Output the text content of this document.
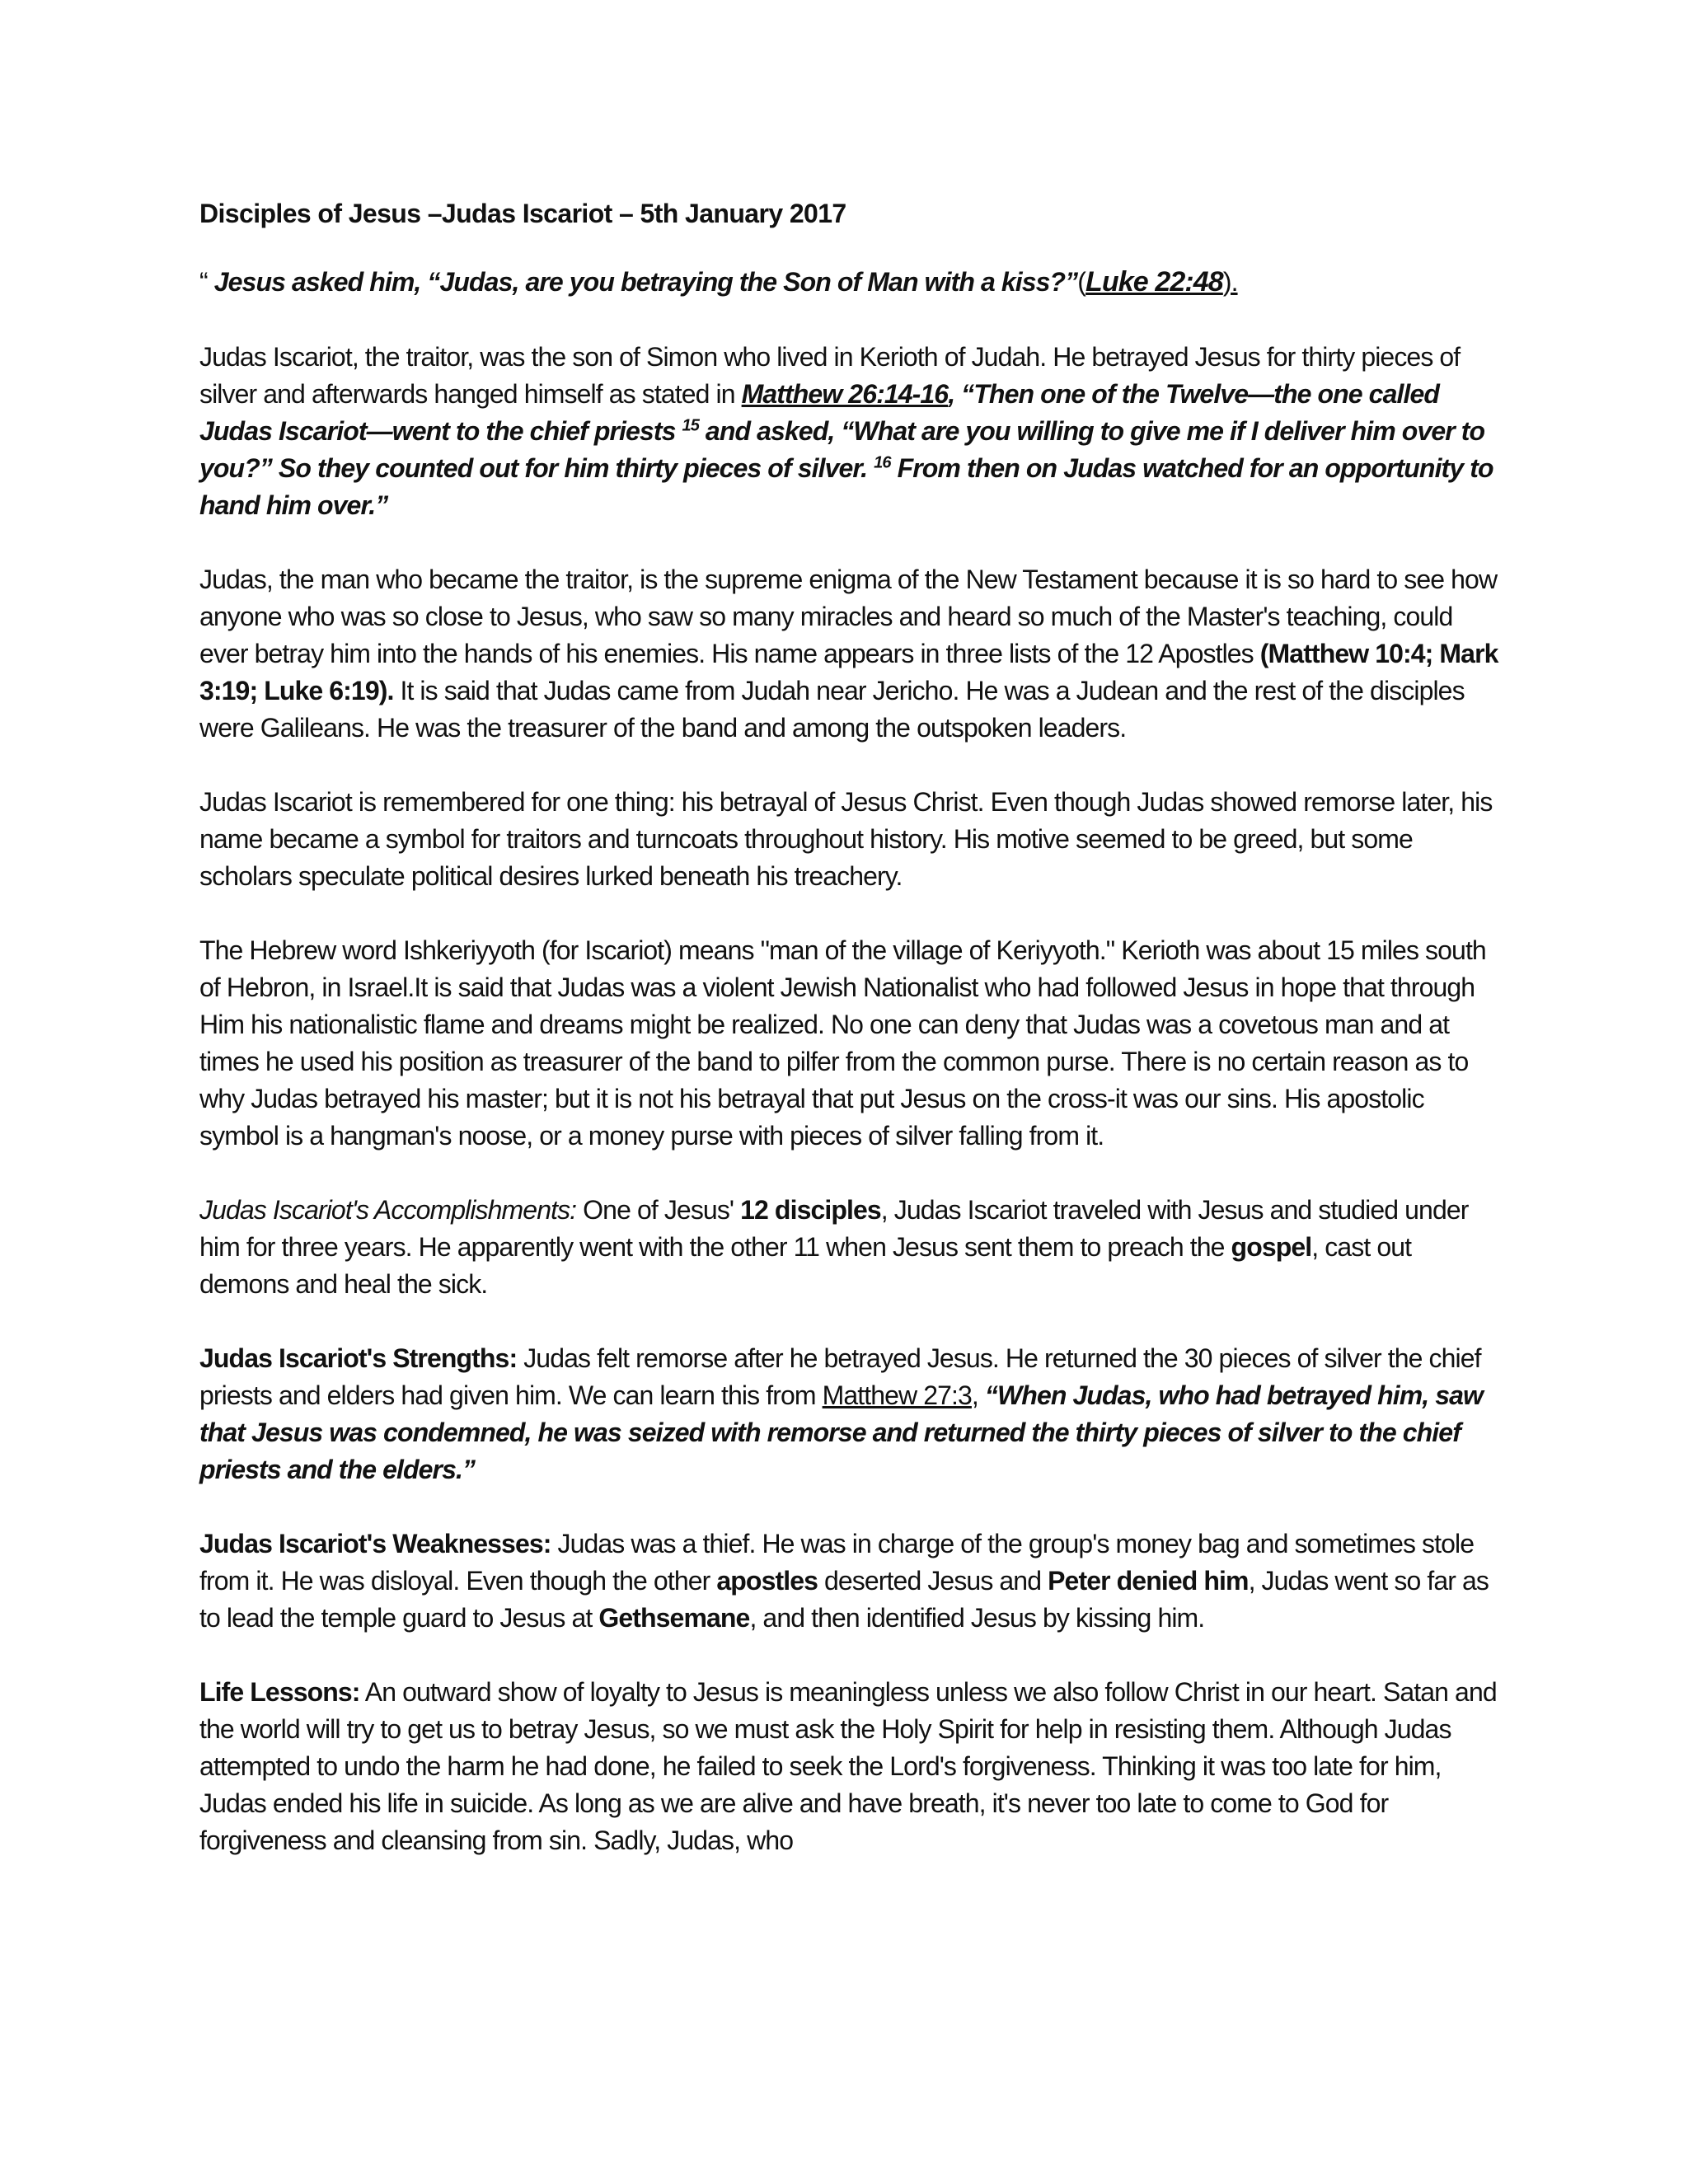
Disciples of Jesus –Judas Iscariot – 5th January 2017

“ Jesus asked him, “Judas, are you betraying the Son of Man with a kiss?”(Luke 22:48).

Judas Iscariot, the traitor, was the son of Simon who lived in Kerioth of Judah. He betrayed Jesus for thirty pieces of silver and afterwards hanged himself as stated in Matthew 26:14-16, “Then one of the Twelve—the one called Judas Iscariot—went to the chief priests $^{15}$ and asked, “What are you willing to give me if I deliver him over to you?” So they counted out for him thirty pieces of silver. $^{16}$ From then on Judas watched for an opportunity to hand him over.”

Judas, the man who became the traitor, is the supreme enigma of the New Testament because it is so hard to see how anyone who was so close to Jesus, who saw so many miracles and heard so much of the Master's teaching, could ever betray him into the hands of his enemies. His name appears in three lists of the 12 Apostles (Matthew 10:4; Mark 3:19; Luke 6:19). It is said that Judas came from Judah near Jericho. He was a Judean and the rest of the disciples were Galileans. He was the treasurer of the band and among the outspoken leaders.

Judas Iscariot is remembered for one thing: his betrayal of Jesus Christ. Even though Judas showed remorse later, his name became a symbol for traitors and turncoats throughout history. His motive seemed to be greed, but some scholars speculate political desires lurked beneath his treachery.

The Hebrew word Ishkeriyyoth (for Iscariot) means "man of the village of Keriyyoth." Kerioth was about 15 miles south of Hebron, in Israel.It is said that Judas was a violent Jewish Nationalist who had followed Jesus in hope that through Him his nationalistic flame and dreams might be realized. No one can deny that Judas was a covetous man and at times he used his position as treasurer of the band to pilfer from the common purse. There is no certain reason as to why Judas betrayed his master; but it is not his betrayal that put Jesus on the cross-it was our sins. His apostolic symbol is a hangman's noose, or a money purse with pieces of silver falling from it.

Judas Iscariot's Accomplishments: One of Jesus' 12 disciples, Judas Iscariot traveled with Jesus and studied under him for three years. He apparently went with the other 11 when Jesus sent them to preach the gospel, cast out demons and heal the sick.

Judas Iscariot's Strengths: Judas felt remorse after he betrayed Jesus. He returned the 30 pieces of silver the chief priests and elders had given him. We can learn this from Matthew 27:3, “When Judas, who had betrayed him, saw that Jesus was condemned, he was seized with remorse and returned the thirty pieces of silver to the chief priests and the elders.”

Judas Iscariot's Weaknesses: Judas was a thief. He was in charge of the group's money bag and sometimes stole from it. He was disloyal. Even though the other apostles deserted Jesus and Peter denied him, Judas went so far as to lead the temple guard to Jesus at Gethsemane, and then identified Jesus by kissing him.

Life Lessons: An outward show of loyalty to Jesus is meaningless unless we also follow Christ in our heart. Satan and the world will try to get us to betray Jesus, so we must ask the Holy Spirit for help in resisting them. Although Judas attempted to undo the harm he had done, he failed to seek the Lord's forgiveness. Thinking it was too late for him, Judas ended his life in suicide. As long as we are alive and have breath, it's never too late to come to God for forgiveness and cleansing from sin. Sadly, Judas, who
